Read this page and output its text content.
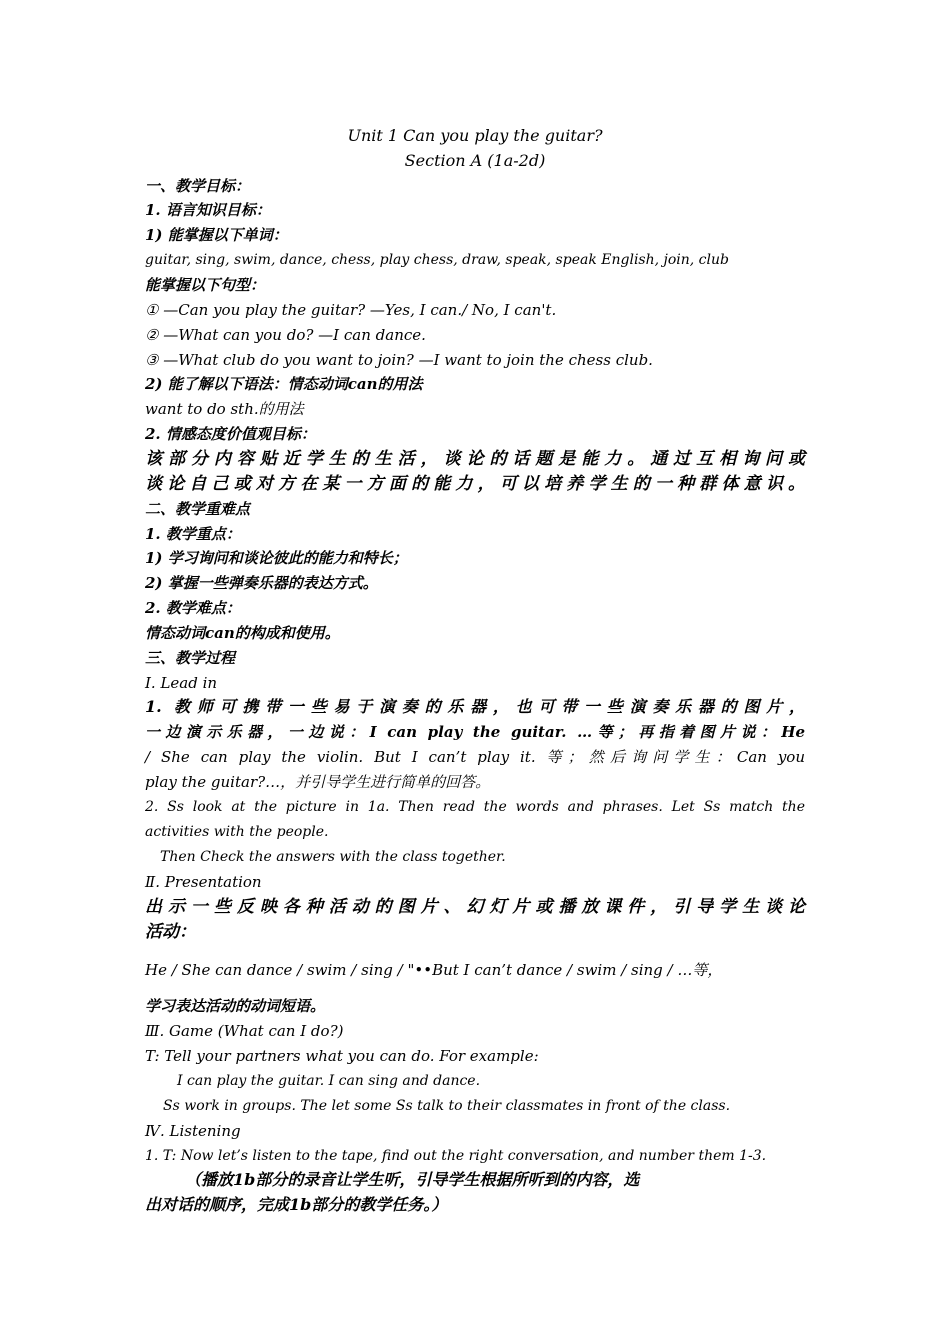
Unit 1 Can you play the guitar?
Section A (1a-2d)
一、教学目标：
1. 语言知识目标：
1) 能掌握以下单词：
guitar, sing, swim, dance, chess, play chess, draw, speak, speak English, join, club
能掌握以下句型：
① —Can you play the guitar? —Yes, I can./ No, I can't.
② —What can you do? —I can dance.
③ —What club do you want to join? —I want to join the chess club.
2) 能了解以下语法：情态动词can的用法
want to do sth.的用法
2. 情感态度价值观目标：
该部分内容贴近学生的生活，谈论的话题是能力。通过互相询问或
谈论自己或对方在某一方面的能力，可以培养学生的一种群体意识。
二、教学重难点
1. 教学重点：
1) 学习询问和谈论彼此的能力和特长；
2) 掌握一些弹奏乐器的表达方式。
2. 教学难点：
情态动词can的构成和使用。
三、教学过程
Ⅰ. Lead in
1. 教师可携带一些易于演奏的乐器，也可带一些演奏乐器的图片，
一边演示乐器，一边说：I can play the guitar. …等；再指着图片说：He
/ She can play the violin. But I can’t play it. 等；然后询问学生：Can you
play the guitar?…，并引导学生进行简单的回答。
2. Ss look at the picture in 1a. Then read the words and phrases. Let Ss match the
activities with the people.
Then Check the answers with the class together.
Ⅱ. Presentation
出示一些反映各种活动的图片、幻灯片或播放课件，引导学生谈论
活动：
He / She can dance / swim / sing / "••But I can’t dance / swim / sing / …等，
学习表达活动的动词短语。
Ⅲ. Game (What can I do?)
T: Tell your partners what you can do. For example:
I can play the guitar. I can sing and dance.
Ss work in groups. The let some Ss talk to their classmates in front of the class.
Ⅳ. Listening
1. T: Now let’s listen to the tape, find out the right conversation, and number them 1-3.
（播放1b部分的录音让学生听，引导学生根据所听到的内容，选
出对话的顺序，完成1b部分的教学任务。）
